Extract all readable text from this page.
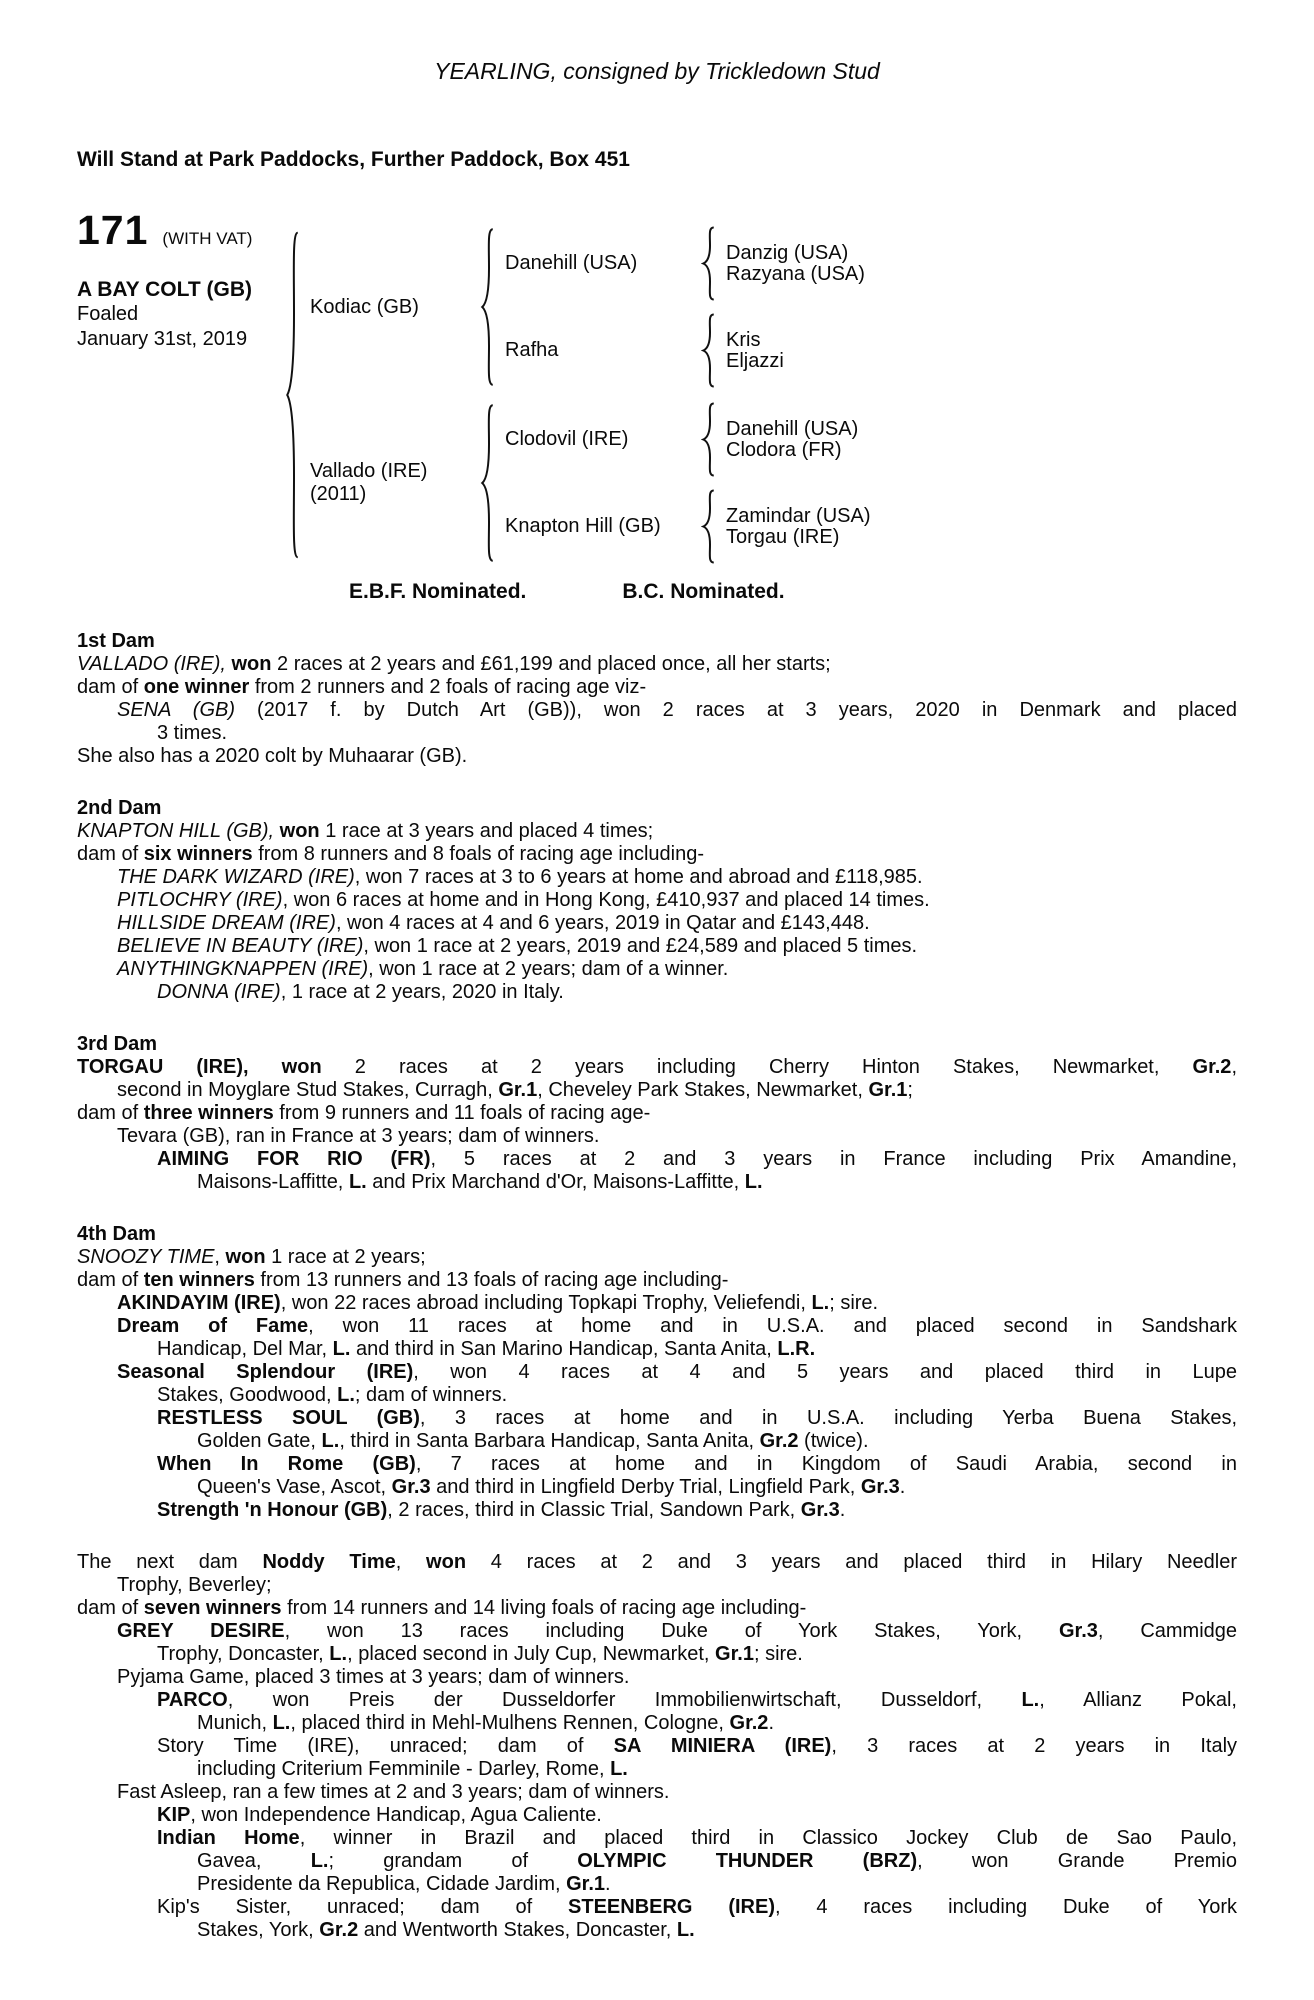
YEARLING, consigned by Trickledown Stud
Will Stand at Park Paddocks, Further Paddock, Box 451
171 (WITH VAT)
A BAY COLT (GB)
Foaled
January 31st, 2019
Kodiac (GB)
Danehill (USA)	Danzig (USA)
Razyana (USA)
Rafha	Kris
Eljazzi
Vallado (IRE)
(2011)
Clodovil (IRE)	Danehill (USA)
Clodora (FR)
Knapton Hill (GB)	Zamindar (USA)
Torgau (IRE)
E.B.F. Nominated.	B.C. Nominated.
1st Dam
VALLADO (IRE), won 2 races at 2 years and £61,199 and placed once, all her starts;
dam of one winner from 2 runners and 2 foals of racing age viz-
SENA (GB) (2017 f. by Dutch Art (GB)), won 2 races at 3 years, 2020 in Denmark and placed
3 times.
She also has a 2020 colt by Muhaarar (GB).
2nd Dam
KNAPTON HILL (GB), won 1 race at 3 years and placed 4 times;
dam of six winners from 8 runners and 8 foals of racing age including-
THE DARK WIZARD (IRE), won 7 races at 3 to 6 years at home and abroad and £118,985.
PITLOCHRY (IRE), won 6 races at home and in Hong Kong, £410,937 and placed 14 times.
HILLSIDE DREAM (IRE), won 4 races at 4 and 6 years, 2019 in Qatar and £143,448.
BELIEVE IN BEAUTY (IRE), won 1 race at 2 years, 2019 and £24,589 and placed 5 times.
ANYTHINGKNAPPEN (IRE), won 1 race at 2 years; dam of a winner.
DONNA (IRE), 1 race at 2 years, 2020 in Italy.
3rd Dam
TORGAU (IRE), won 2 races at 2 years including Cherry Hinton Stakes, Newmarket, Gr.2,
second in Moyglare Stud Stakes, Curragh, Gr.1, Cheveley Park Stakes, Newmarket, Gr.1;
dam of three winners from 9 runners and 11 foals of racing age-
Tevara (GB), ran in France at 3 years; dam of winners.
AIMING FOR RIO (FR), 5 races at 2 and 3 years in France including Prix Amandine,
Maisons-Laffitte, L. and Prix Marchand d'Or, Maisons-Laffitte, L.
4th Dam
SNOOZY TIME, won 1 race at 2 years;
dam of ten winners from 13 runners and 13 foals of racing age including-
AKINDAYIM (IRE), won 22 races abroad including Topkapi Trophy, Veliefendi, L.; sire.
Dream of Fame, won 11 races at home and in U.S.A. and placed second in Sandshark
Handicap, Del Mar, L. and third in San Marino Handicap, Santa Anita, L.R.
Seasonal Splendour (IRE), won 4 races at 4 and 5 years and placed third in Lupe
Stakes, Goodwood, L.; dam of winners.
RESTLESS SOUL (GB), 3 races at home and in U.S.A. including Yerba Buena Stakes,
Golden Gate, L., third in Santa Barbara Handicap, Santa Anita, Gr.2 (twice).
When In Rome (GB), 7 races at home and in Kingdom of Saudi Arabia, second in
Queen's Vase, Ascot, Gr.3 and third in Lingfield Derby Trial, Lingfield Park, Gr.3.
Strength 'n Honour (GB), 2 races, third in Classic Trial, Sandown Park, Gr.3.
The next dam Noddy Time, won 4 races at 2 and 3 years and placed third in Hilary Needler
Trophy, Beverley;
dam of seven winners from 14 runners and 14 living foals of racing age including-
GREY DESIRE, won 13 races including Duke of York Stakes, York, Gr.3, Cammidge
Trophy, Doncaster, L., placed second in July Cup, Newmarket, Gr.1; sire.
Pyjama Game, placed 3 times at 3 years; dam of winners.
PARCO, won Preis der Dusseldorfer Immobilienwirtschaft, Dusseldorf, L., Allianz Pokal,
Munich, L., placed third in Mehl-Mulhens Rennen, Cologne, Gr.2.
Story Time (IRE), unraced; dam of SA MINIERA (IRE), 3 races at 2 years in Italy
including Criterium Femminile - Darley, Rome, L.
Fast Asleep, ran a few times at 2 and 3 years; dam of winners.
KIP, won Independence Handicap, Agua Caliente.
Indian Home, winner in Brazil and placed third in Classico Jockey Club de Sao Paulo,
Gavea, L.; grandam of OLYMPIC THUNDER (BRZ), won Grande Premio
Presidente da Republica, Cidade Jardim, Gr.1.
Kip's Sister, unraced; dam of STEENBERG (IRE), 4 races including Duke of York
Stakes, York, Gr.2 and Wentworth Stakes, Doncaster, L.
